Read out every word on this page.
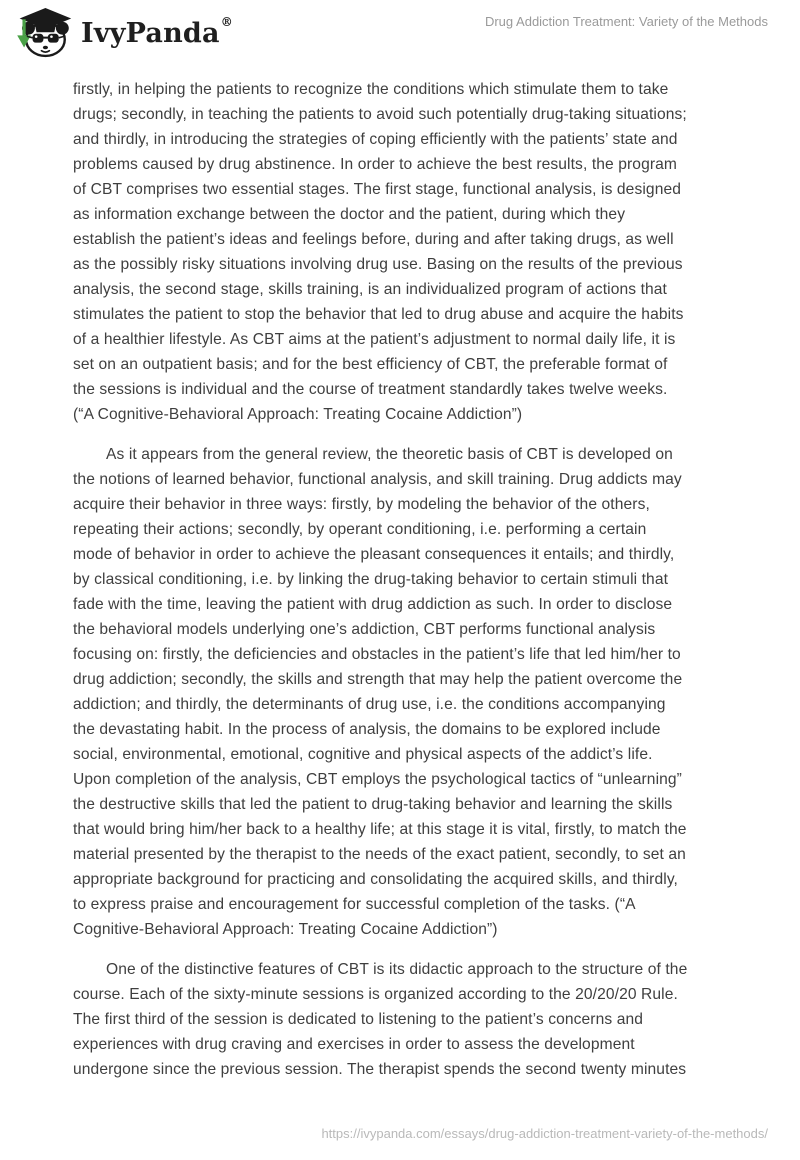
IvyPanda®	Drug Addiction Treatment: Variety of the Methods
firstly, in helping the patients to recognize the conditions which stimulate them to take
drugs; secondly, in teaching the patients to avoid such potentially drug-taking situations;
and thirdly, in introducing the strategies of coping efficiently with the patients’ state and
problems caused by drug abstinence. In order to achieve the best results, the program
of CBT comprises two essential stages. The first stage, functional analysis, is designed
as information exchange between the doctor and the patient, during which they
establish the patient’s ideas and feelings before, during and after taking drugs, as well
as the possibly risky situations involving drug use. Basing on the results of the previous
analysis, the second stage, skills training, is an individualized program of actions that
stimulates the patient to stop the behavior that led to drug abuse and acquire the habits
of a healthier lifestyle. As CBT aims at the patient’s adjustment to normal daily life, it is
set on an outpatient basis; and for the best efficiency of CBT, the preferable format of
the sessions is individual and the course of treatment standardly takes twelve weeks.
(“A Cognitive-Behavioral Approach: Treating Cocaine Addiction”)
As it appears from the general review, the theoretic basis of CBT is developed on
the notions of learned behavior, functional analysis, and skill training. Drug addicts may
acquire their behavior in three ways: firstly, by modeling the behavior of the others,
repeating their actions; secondly, by operant conditioning, i.e. performing a certain
mode of behavior in order to achieve the pleasant consequences it entails; and thirdly,
by classical conditioning, i.e. by linking the drug-taking behavior to certain stimuli that
fade with the time, leaving the patient with drug addiction as such. In order to disclose
the behavioral models underlying one’s addiction, CBT performs functional analysis
focusing on: firstly, the deficiencies and obstacles in the patient’s life that led him/her to
drug addiction; secondly, the skills and strength that may help the patient overcome the
addiction; and thirdly, the determinants of drug use, i.e. the conditions accompanying
the devastating habit. In the process of analysis, the domains to be explored include
social, environmental, emotional, cognitive and physical aspects of the addict’s life.
Upon completion of the analysis, CBT employs the psychological tactics of “unlearning”
the destructive skills that led the patient to drug-taking behavior and learning the skills
that would bring him/her back to a healthy life; at this stage it is vital, firstly, to match the
material presented by the therapist to the needs of the exact patient, secondly, to set an
appropriate background for practicing and consolidating the acquired skills, and thirdly,
to express praise and encouragement for successful completion of the tasks. (“A
Cognitive-Behavioral Approach: Treating Cocaine Addiction”)
One of the distinctive features of CBT is its didactic approach to the structure of the
course. Each of the sixty-minute sessions is organized according to the 20/20/20 Rule.
The first third of the session is dedicated to listening to the patient’s concerns and
experiences with drug craving and exercises in order to assess the development
undergone since the previous session. The therapist spends the second twenty minutes
https://ivypanda.com/essays/drug-addiction-treatment-variety-of-the-methods/
